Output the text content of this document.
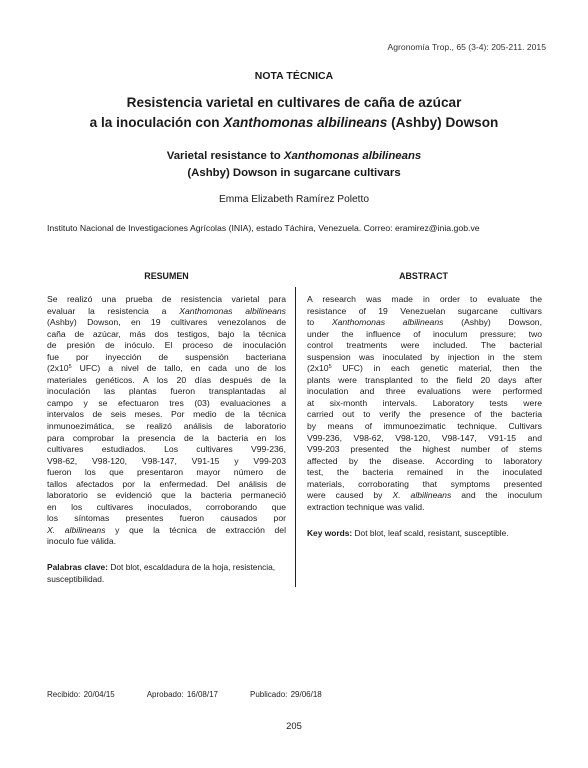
Agronomía Trop., 65 (3-4): 205-211. 2015
NOTA TÉCNICA
Resistencia varietal en cultivares de caña de azúcar
a la inoculación con Xanthomonas albilineans (Ashby) Dowson
Varietal resistance to Xanthomonas albilineans
(Ashby) Dowson in sugarcane cultivars
Emma Elizabeth Ramírez Poletto
Instituto Nacional de Investigaciones Agrícolas (INIA), estado Táchira, Venezuela. Correo: eramirez@inia.gob.ve
RESUMEN	ABSTRACT
Se realizó una prueba de resistencia varietal para
evaluar la resistencia a Xanthomonas albilineans
(Ashby) Dowson, en 19 cultivares venezolanos de
caña de azúcar, más dos testigos, bajo la técnica
de presión de inóculo. El proceso de inoculación
fue por inyección de suspensión bacteriana
($2x10^5$ UFC) a nivel de tallo, en cada uno de los
materiales genéticos. A los 20 días después de la
inoculación las plantas fueron transplantadas al
campo y se efectuaron tres (03) evaluaciones a
intervalos de seis meses. Por medio de la técnica
inmunoezimática, se realizó análisis de laboratorio
para comprobar la presencia de la bacteria en los
cultivares estudiados. Los cultivares V99-236,
V98-62, V98-120, V98-147, V91-15 y V99-203
fueron los que presentaron mayor número de
tallos afectados por la enfermedad. Del análisis de
laboratorio se evidenció que la bacteria permaneció
en los cultivares inoculados, corroborando que
los síntomas presentes fueron causados por
X. albilineans y que la técnica de extracción del
inoculo fue válida.
A research was made in order to evaluate the
resistance of 19 Venezuelan sugarcane cultivars
to Xanthomonas albilineans (Ashby) Dowson,
under the influence of inoculum pressure; two
control treatments were included. The bacterial
suspension was inoculated by injection in the stem
($2x10^5$ UFC) in each genetic material, then the
plants were transplanted to the field 20 days after
inoculation and three evaluations were performed
at six-month intervals. Laboratory tests were
carried out to verify the presence of the bacteria
by means of immunoezimatic technique. Cultivars
V99-236, V98-62, V98-120, V98-147, V91-15 and
V99-203 presented the highest number of stems
affected by the disease. According to laboratory
test, the bacteria remained in the inoculated
materials, corroborating that symptoms presented
were caused by X. albilineans and the inoculum
extraction technique was valid.
Palabras clave: Dot blot, escaldadura de la hoja, resistencia, susceptibilidad.
Key words: Dot blot, leaf scald, resistant, susceptible.
Recibido: 20/04/15	Aprobado: 16/08/17	Publicado: 29/06/18
205
